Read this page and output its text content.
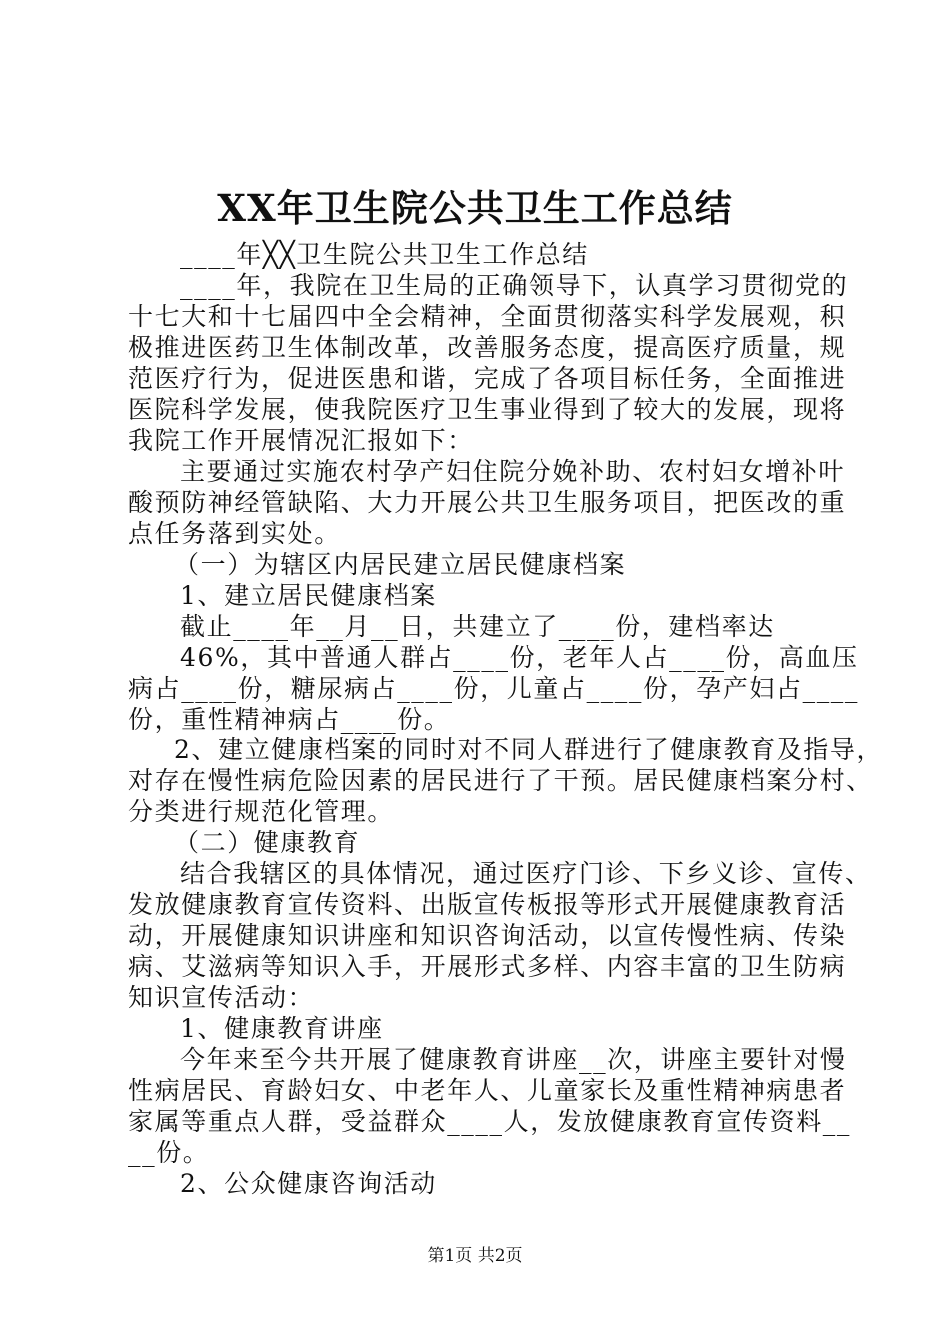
XX年卫生院公共卫生工作总结
____年╳╳卫生院公共卫生工作总结
____年，我院在卫生局的正确领导下，认真学习贯彻党的
十七大和十七届四中全会精神，全面贯彻落实科学发展观，积
极推进医药卫生体制改革，改善服务态度，提高医疗质量，规
范医疗行为，促进医患和谐，完成了各项目标任务，全面推进
医院科学发展，使我院医疗卫生事业得到了较大的发展，现将
我院工作开展情况汇报如下：
主要通过实施农村孕产妇住院分娩补助、农村妇女增补叶
酸预防神经管缺陷、大力开展公共卫生服务项目，把医改的重
点任务落到实处。
（一）为辖区内居民建立居民健康档案
1、建立居民健康档案
截止____年__月__日，共建立了____份，建档率达
46%，其中普通人群占____份，老年人占____份，高血压
病占____份，糖尿病占____份，儿童占____份，孕产妇占____
份，重性精神病占____份。
2、建立健康档案的同时对不同人群进行了健康教育及指导，
对存在慢性病危险因素的居民进行了干预。居民健康档案分村、
分类进行规范化管理。
（二）健康教育
结合我辖区的具体情况，通过医疗门诊、下乡义诊、宣传、
发放健康教育宣传资料、出版宣传板报等形式开展健康教育活
动，开展健康知识讲座和知识咨询活动，以宣传慢性病、传染
病、艾滋病等知识入手，开展形式多样、内容丰富的卫生防病
知识宣传活动：
1、健康教育讲座
今年来至今共开展了健康教育讲座__次，讲座主要针对慢
性病居民、育龄妇女、中老年人、儿童家长及重性精神病患者
家属等重点人群，受益群众____人，发放健康教育宣传资料__
第1页 共2页
__份。
2、公众健康咨询活动
